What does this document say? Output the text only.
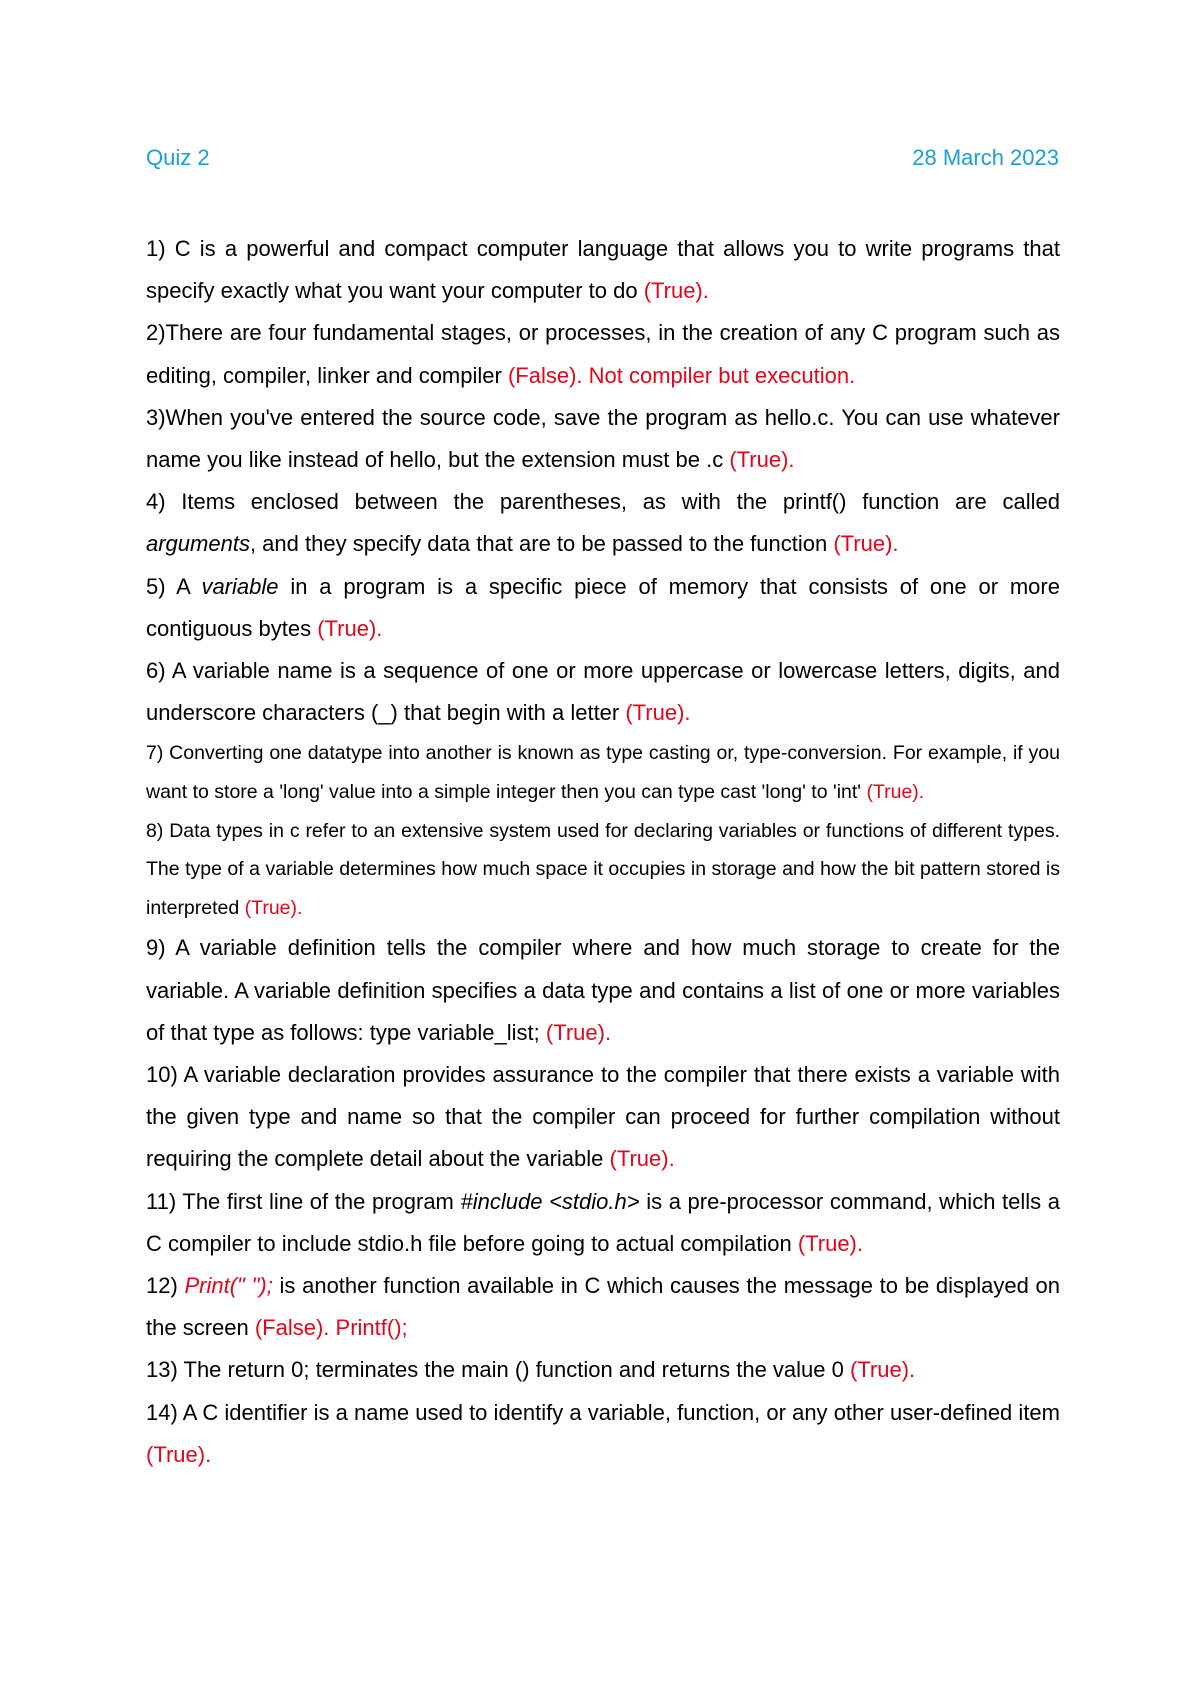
Quiz 2	28 March 2023

1) C is a powerful and compact computer language that allows you to write programs that specify exactly what you want your computer to do (True).

2)There are four fundamental stages, or processes, in the creation of any C program such as editing, compiler, linker and compiler (False). Not compiler but execution.

3)When you've entered the source code, save the program as hello.c. You can use whatever name you like instead of hello, but the extension must be .c (True).

4) Items enclosed between the parentheses, as with the printf() function are called arguments, and they specify data that are to be passed to the function (True).

5) A variable in a program is a specific piece of memory that consists of one or more contiguous bytes (True).

6) A variable name is a sequence of one or more uppercase or lowercase letters, digits, and underscore characters (_) that begin with a letter (True).

7) Converting one datatype into another is known as type casting or, type-conversion. For example, if you want to store a 'long' value into a simple integer then you can type cast 'long' to 'int' (True).

8) Data types in c refer to an extensive system used for declaring variables or functions of different types. The type of a variable determines how much space it occupies in storage and how the bit pattern stored is interpreted (True).

9) A variable definition tells the compiler where and how much storage to create for the variable. A variable definition specifies a data type and contains a list of one or more variables of that type as follows: type variable_list; (True).

10) A variable declaration provides assurance to the compiler that there exists a variable with the given type and name so that the compiler can proceed for further compilation without requiring the complete detail about the variable (True).

11) The first line of the program #include <stdio.h> is a pre-processor command, which tells a C compiler to include stdio.h file before going to actual compilation (True).

12) Print(" "); is another function available in C which causes the message to be displayed on the screen (False). Printf();

13) The return 0; terminates the main () function and returns the value 0 (True).

14) A C identifier is a name used to identify a variable, function, or any other user-defined item (True).
